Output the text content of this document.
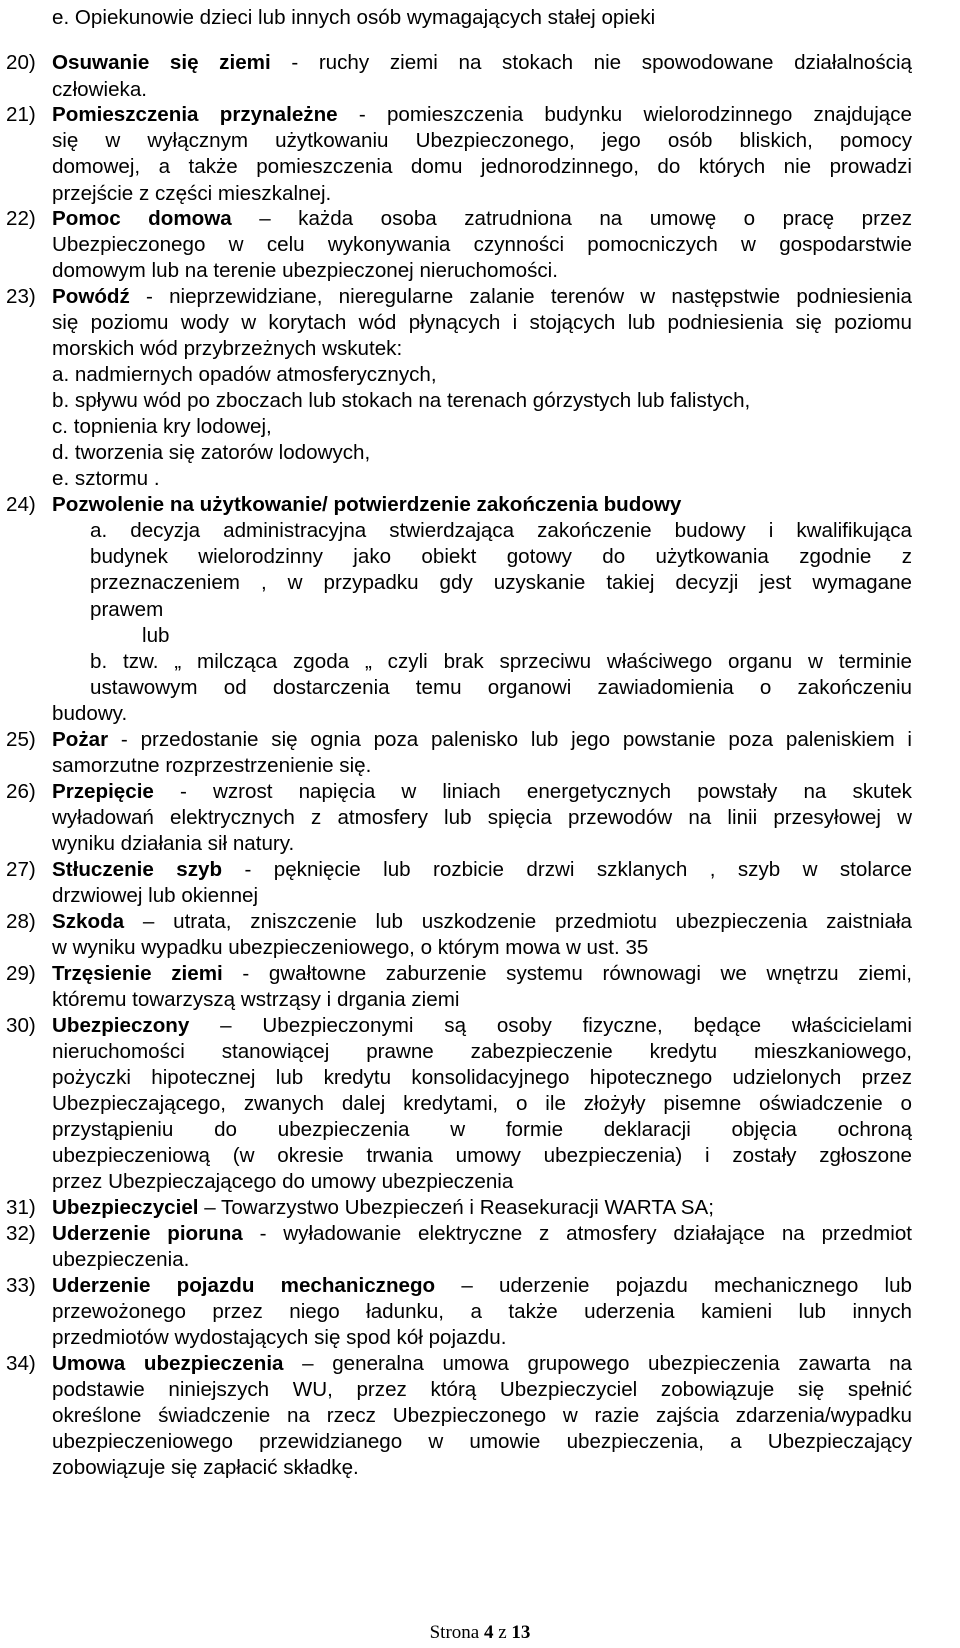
e. Opiekunowie dzieci lub innych osób wymagających stałej opieki
20) Osuwanie się ziemi - ruchy ziemi na stokach nie spowodowane działalnością
człowieka.
21) Pomieszczenia przynależne - pomieszczenia budynku wielorodzinnego znajdujące
się w wyłącznym użytkowaniu Ubezpieczonego, jego osób bliskich, pomocy
domowej, a także pomieszczenia domu jednorodzinnego, do których nie prowadzi
przejście z części mieszkalnej.
22) Pomoc domowa – każda osoba zatrudniona na umowę o pracę przez
Ubezpieczonego w celu wykonywania czynności pomocniczych w gospodarstwie
domowym lub na terenie ubezpieczonej nieruchomości.
23) Powódź - nieprzewidziane, nieregularne zalanie terenów w następstwie podniesienia
się poziomu wody w korytach wód płynących i stojących lub podniesienia się poziomu
morskich wód przybrzeżnych wskutek:
a. nadmiernych opadów atmosferycznych,
b. spływu wód po zboczach lub stokach na terenach górzystych lub falistych,
c. topnienia kry lodowej,
d. tworzenia się zatorów lodowych,
e. sztormu .
24) Pozwolenie na użytkowanie/ potwierdzenie zakończenia budowy
a. decyzja administracyjna stwierdzająca zakończenie budowy i kwalifikująca
budynek wielorodzinny jako obiekt gotowy do użytkowania zgodnie z
przeznaczeniem , w przypadku gdy uzyskanie takiej decyzji jest wymagane
prawem
lub
b. tzw. „ milcząca zgoda „ czyli brak sprzeciwu właściwego organu w terminie
ustawowym od dostarczenia temu organowi zawiadomienia o zakończeniu
budowy.
25) Pożar - przedostanie się ognia poza palenisko lub jego powstanie poza paleniskiem i
samorzutne rozprzestrzenienie się.
26) Przepięcie - wzrost napięcia w liniach energetycznych powstały na skutek
wyładowań elektrycznych z atmosfery lub spięcia przewodów na linii przesyłowej w
wyniku działania sił natury.
27) Stłuczenie szyb - pęknięcie lub rozbicie drzwi szklanych , szyb w stolarce
drzwiowej lub okiennej
28) Szkoda – utrata, zniszczenie lub uszkodzenie przedmiotu ubezpieczenia zaistniała
w wyniku wypadku ubezpieczeniowego, o którym mowa w ust. 35
29) Trzęsienie ziemi - gwałtowne zaburzenie systemu równowagi we wnętrzu ziemi,
któremu towarzyszą wstrząsy i drgania ziemi
30) Ubezpieczony – Ubezpieczonymi są osoby fizyczne, będące właścicielami
nieruchomości stanowiącej prawne zabezpieczenie kredytu mieszkaniowego,
pożyczki hipotecznej lub kredytu konsolidacyjnego hipotecznego udzielonych przez
Ubezpieczającego, zwanych dalej kredytami, o ile złożyły pisemne oświadczenie o
przystąpieniu do ubezpieczenia w formie deklaracji objęcia ochroną
ubezpieczeniową (w okresie trwania umowy ubezpieczenia) i zostały zgłoszone
przez Ubezpieczającego do umowy ubezpieczenia
31) Ubezpieczyciel – Towarzystwo Ubezpieczeń i Reasekuracji WARTA SA;
32) Uderzenie pioruna - wyładowanie elektryczne z atmosfery działające na przedmiot
ubezpieczenia.
33) Uderzenie pojazdu mechanicznego – uderzenie pojazdu mechanicznego lub
przewożonego przez niego ładunku, a także uderzenia kamieni lub innych
przedmiotów wydostających się spod kół pojazdu.
34) Umowa ubezpieczenia – generalna umowa grupowego ubezpieczenia zawarta na
podstawie niniejszych WU, przez którą Ubezpieczyciel zobowiązuje się spełnić
określone świadczenie na rzecz Ubezpieczonego w razie zajścia zdarzenia/wypadku
ubezpieczeniowego przewidzianego w umowie ubezpieczenia, a Ubezpieczający
zobowiązuje się zapłacić składkę.
Strona 4 z 13
